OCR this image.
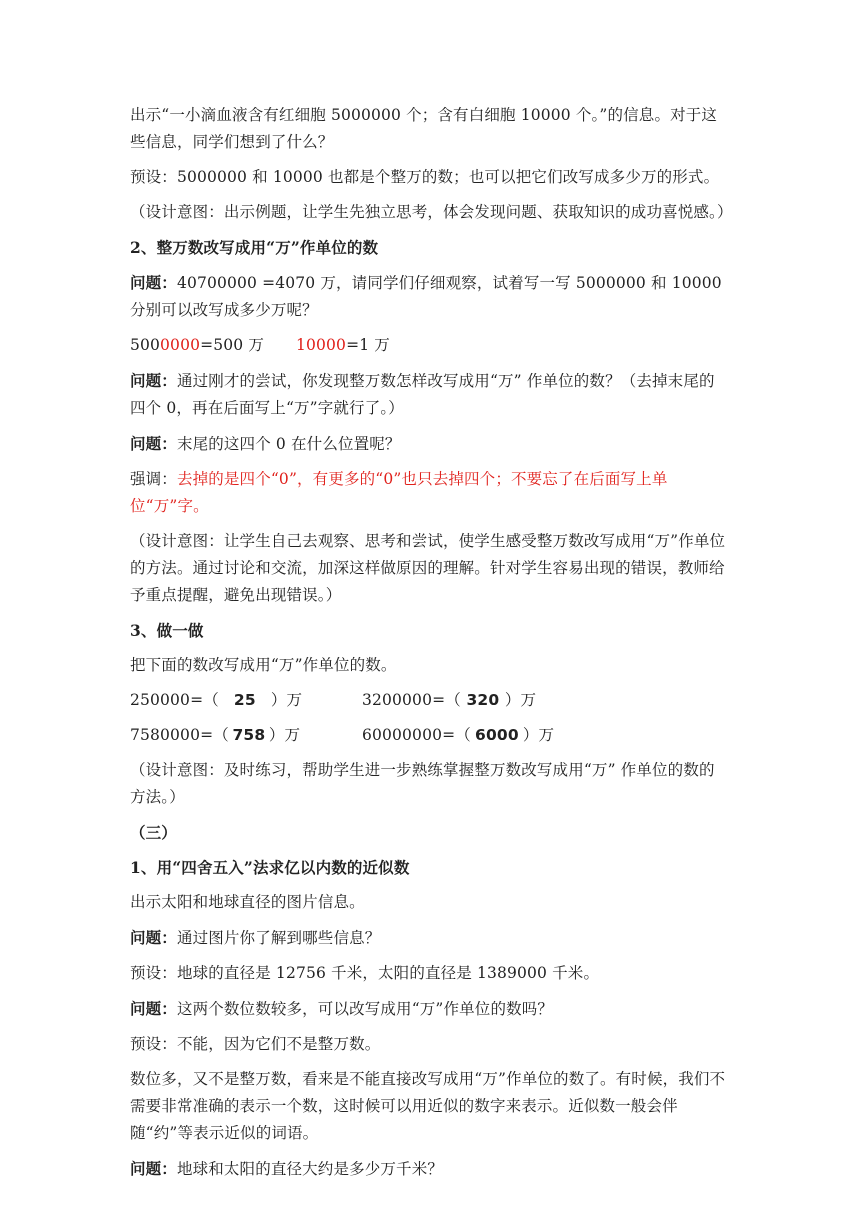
出示“一小滴血液含有红细胞 5000000 个；含有白细胞 10000 个。”的信息。对于这些信息，同学们想到了什么？

预设：5000000 和 10000 也都是个整万的数；也可以把它们改写成多少万的形式。

（设计意图：出示例题，让学生先独立思考，体会发现问题、获取知识的成功喜悦感。）

2、整万数改写成用“万”作单位的数

问题：40700000 =4070 万，请同学们仔细观察，试着写一写 5000000 和 10000 分别可以改写成多少万呢？

5000000=500 万 10000=1 万

问题：通过刚才的尝试，你发现整万数怎样改写成用“万” 作单位的数？（去掉末尾的四个 0，再在后面写上“万”字就行了。）

问题：末尾的这四个 0 在什么位置呢？

强调：去掉的是四个“0”，有更多的“0”也只去掉四个；不要忘了在后面写上单位“万”字。

（设计意图：让学生自己去观察、思考和尝试，使学生感受整万数改写成用“万”作单位的方法。通过讨论和交流，加深这样做原因的理解。针对学生容易出现的错误，教师给予重点提醒，避免出现错误。）

3、做一做

把下面的数改写成用“万”作单位的数。

250000=（ 25 ）万	3200000=（ 320 ）万

7580000=（ 758 ）万	60000000=（ 6000 ）万

（设计意图：及时练习，帮助学生进一步熟练掌握整万数改写成用“万” 作单位的数的方法。）

（三）

1、用“四舍五入”法求亿以内数的近似数

出示太阳和地球直径的图片信息。

问题：通过图片你了解到哪些信息？

预设：地球的直径是 12756 千米，太阳的直径是 1389000 千米。

问题：这两个数位数较多，可以改写成用“万”作单位的数吗？

预设：不能，因为它们不是整万数。

数位多，又不是整万数，看来是不能直接改写成用“万”作单位的数了。有时候，我们不需要非常准确的表示一个数，这时候可以用近似的数字来表示。近似数一般会伴随“约”等表示近似的词语。

问题：地球和太阳的直径大约是多少万千米？
